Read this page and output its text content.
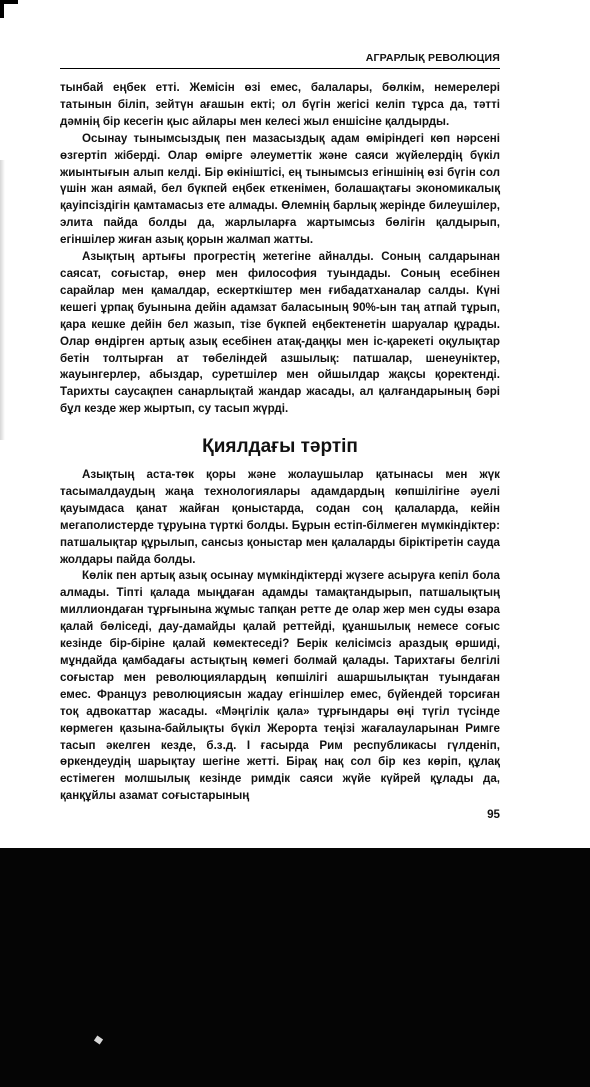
АГРАРЛЫҚ РЕВОЛЮЦИЯ

тынбай еңбек етті. Жемісін өзі емес, балалары, бөлкім, немерелері татынын біліп, зейтүн ағашын екті; ол бүгін жегісі келіп тұрса да, тәтті дәмнің бір кесегін қыс айлары мен келесі жыл еншісіне қалдырды.

Осынау тынымсыздық пен мазасыздық адам өміріндегі көп нәрсені өзгертіп жіберді. Олар өмірге әлеуметтік және саяси жүйелердің бүкіл жиынтығын алып келді. Бір өкініштісі, ең тынымсыз егіншінің өзі бүгін сол үшін жан аямай, бел бүкпей еңбек еткенімен, болашақтағы экономикалық қауіпсіздігін қамтамасыз ете алмады. Өлемнің барлық жерінде билеушілер, элита пайда болды да, жарлыларға жартымсыз бөлігін қалдырып, егіншілер жиған азық қорын жалмап жатты.

Азықтың артығы прогрестің жетегіне айналды. Соның салдарынан саясат, соғыстар, өнер мен философия туындады. Соның есебінен сарайлар мен қамалдар, ескерткіштер мен ғибадатханалар салды. Күні кешегі ұрпақ буынына дейін адамзат баласының 90%-ын таң атпай тұрып, қара кешке дейін бел жазып, тізе бүкпей еңбектенетін шаруалар құрады. Олар өндірген артық азық есебінен атақ-даңқы мен іс-қарекеті оқулықтар бетін толтырған ат төбеліндей азшылық: патшалар, шенеуніктер, жауынгерлер, абыздар, суретшілер мен ойшылдар жақсы қоректенді. Тарихты саусақпен санарлықтай жандар жасады, ал қалғандарының бәрі бұл кезде жер жыртып, су тасып жүрді.

Қиялдағы тәртіп

Азықтың аста-төк қоры және жолаушылар қатынасы мен жүк тасымалдаудың жаңа технологиялары адамдардың көпшілігіне әуелі қауымдаса қанат жайған қоныстарда, содан соң қалаларда, кейін мегаполистерде тұруына түрткі болды. Бұрын естіп-білмеген мүмкіндіктер: патшалықтар құрылып, сансыз қоныстар мен қалаларды біріктіретін сауда жолдары пайда болды.

Көлік пен артық азық осынау мүмкіндіктерді жүзеге асыруға кепіл бола алмады. Тіпті қалада мыңдаған адамды тамақтандырып, патшалықтың миллиондаған тұрғынына жұмыс тапқан ретте де олар жер мен суды өзара қалай бөліседі, дау-дамайды қалай реттейді, құаншылық немесе соғыс кезінде бір-біріне қалай көмектеседі? Берік келісімсіз араздық өршиді, мұндайда қамбадағы астықтың көмегі болмай қалады. Тарихтағы белгілі соғыстар мен революциялардың көпшілігі ашаршылықтан туындаған емес. Француз революциясын жадау егіншілер емес, бүйендей торсиған тоқ адвокаттар жасады. «Мәңгілік қала» тұрғындары өңі түгіл түсінде көрмеген қазына-байлықты бүкіл Жерорта теңізі жағалауларынан Римге тасып әкелген кезде, б.з.д. I ғасырда Рим республикасы гүлденіп, өркендеудің шарықтау шегіне жетті. Бірақ нақ сол бір кез көріп, құлақ естімеген молшылық кезінде римдік саяси жүйе күйрей құлады да, қанқұйлы азамат соғыстарының

95
